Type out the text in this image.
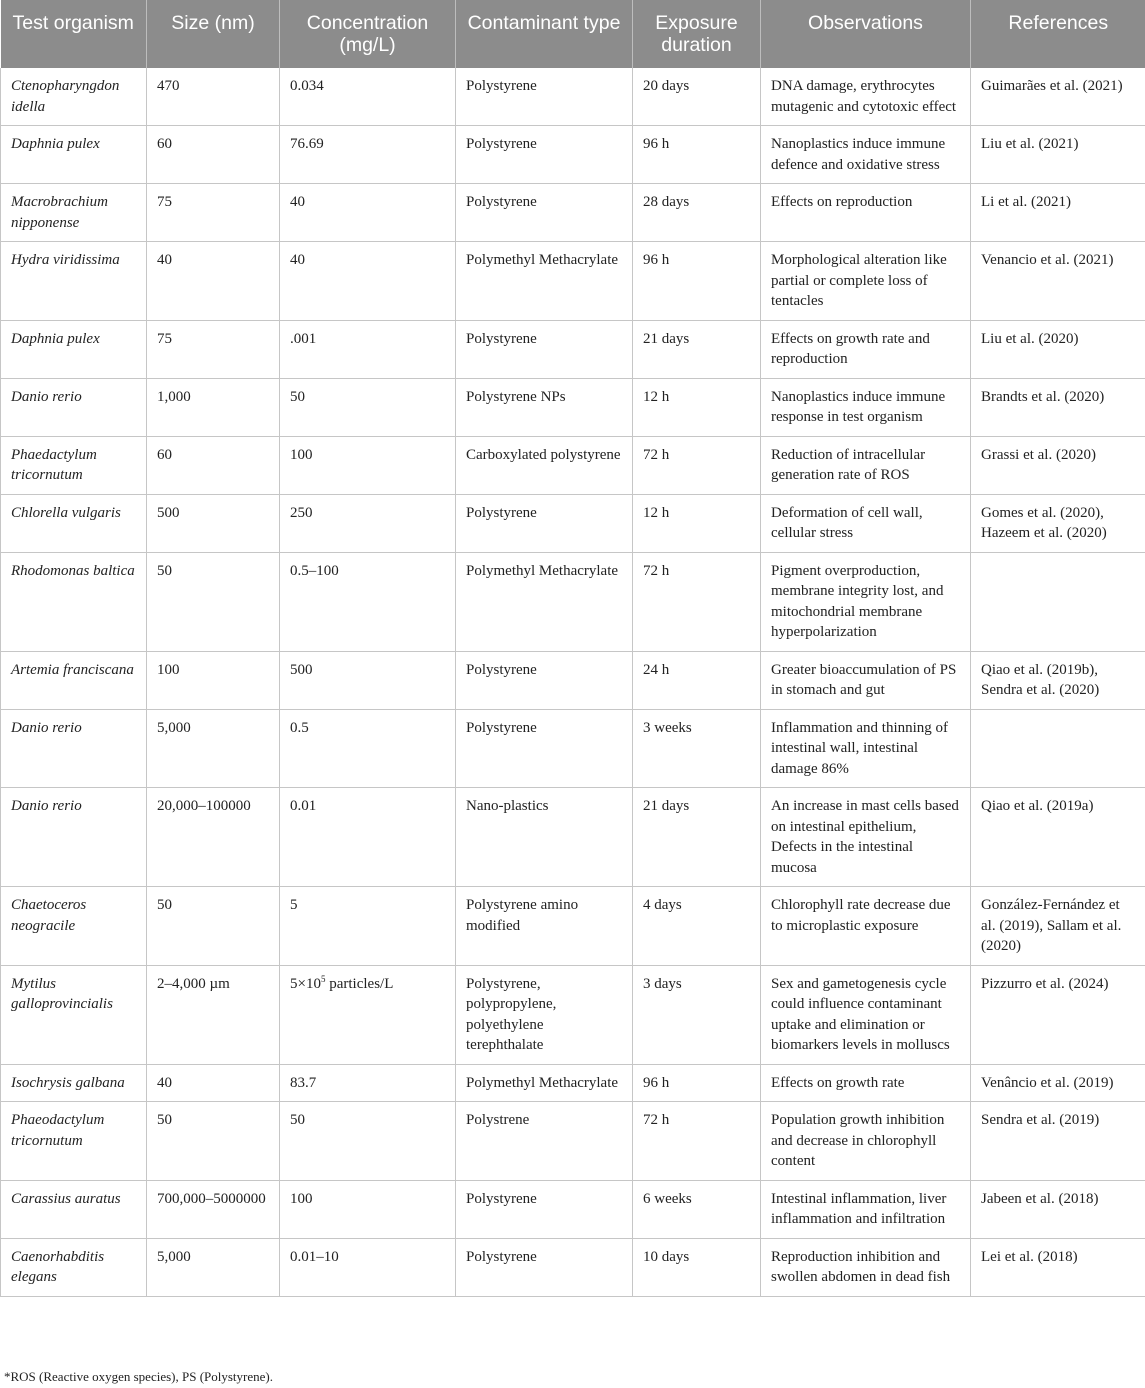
Test organism	Size (nm)	Concentration (mg/L)	Contaminant type	Exposure duration	Observations	References
Ctenopharyngdon idella	470	0.034	Polystyrene	20 days	DNA damage, erythrocytes mutagenic and cytotoxic effect	Guimarães et al. (2021)
Daphnia pulex	60	76.69	Polystyrene	96 h	Nanoplastics induce immune defence and oxidative stress	Liu et al. (2021)
Macrobrachium nipponense	75	40	Polystyrene	28 days	Effects on reproduction	Li et al. (2021)
Hydra viridissima	40	40	Polymethyl Methacrylate	96 h	Morphological alteration like partial or complete loss of tentacles	Venancio et al. (2021)
Daphnia pulex	75	.001	Polystyrene	21 days	Effects on growth rate and reproduction	Liu et al. (2020)
Danio rerio	1,000	50	Polystyrene NPs	12 h	Nanoplastics induce immune response in test organism	Brandts et al. (2020)
Phaedactylum tricornutum	60	100	Carboxylated polystyrene	72 h	Reduction of intracellular generation rate of ROS	Grassi et al. (2020)
Chlorella vulgaris	500	250	Polystyrene	12 h	Deformation of cell wall, cellular stress	Gomes et al. (2020), Hazeem et al. (2020)
Rhodomonas baltica	50	0.5–100	Polymethyl Methacrylate	72 h	Pigment overproduction, membrane integrity lost, and mitochondrial membrane hyperpolarization	
Artemia franciscana	100	500	Polystyrene	24 h	Greater bioaccumulation of PS in stomach and gut	Qiao et al. (2019b), Sendra et al. (2020)
Danio rerio	5,000	0.5	Polystyrene	3 weeks	Inflammation and thinning of intestinal wall, intestinal damage 86%	
Danio rerio	20,000–100000	0.01	Nano-plastics	21 days	An increase in mast cells based on intestinal epithelium, Defects in the intestinal mucosa	Qiao et al. (2019a)
Chaetoceros neogracile	50	5	Polystyrene amino modified	4 days	Chlorophyll rate decrease due to microplastic exposure	González-Fernández et al. (2019), Sallam et al. (2020)
Mytilus galloprovincialis	2–4,000 µm	$5\times 10^5$ particles/L	Polystyrene, polypropylene, polyethylene terephthalate	3 days	Sex and gametogenesis cycle could influence contaminant uptake and elimination or biomarkers levels in molluscs	Pizzurro et al. (2024)
Isochrysis galbana	40	83.7	Polymethyl Methacrylate	96 h	Effects on growth rate	Venâncio et al. (2019)
Phaeodactylum tricornutum	50	50	Polystrene	72 h	Population growth inhibition and decrease in chlorophyll content	Sendra et al. (2019)
Carassius auratus	700,000–5000000	100	Polystyrene	6 weeks	Intestinal inflammation, liver inflammation and infiltration	Jabeen et al. (2018)
Caenorhabditis elegans	5,000	0.01–10	Polystyrene	10 days	Reproduction inhibition and swollen abdomen in dead fish	Lei et al. (2018)
*ROS (Reactive oxygen species), PS (Polystyrene).
